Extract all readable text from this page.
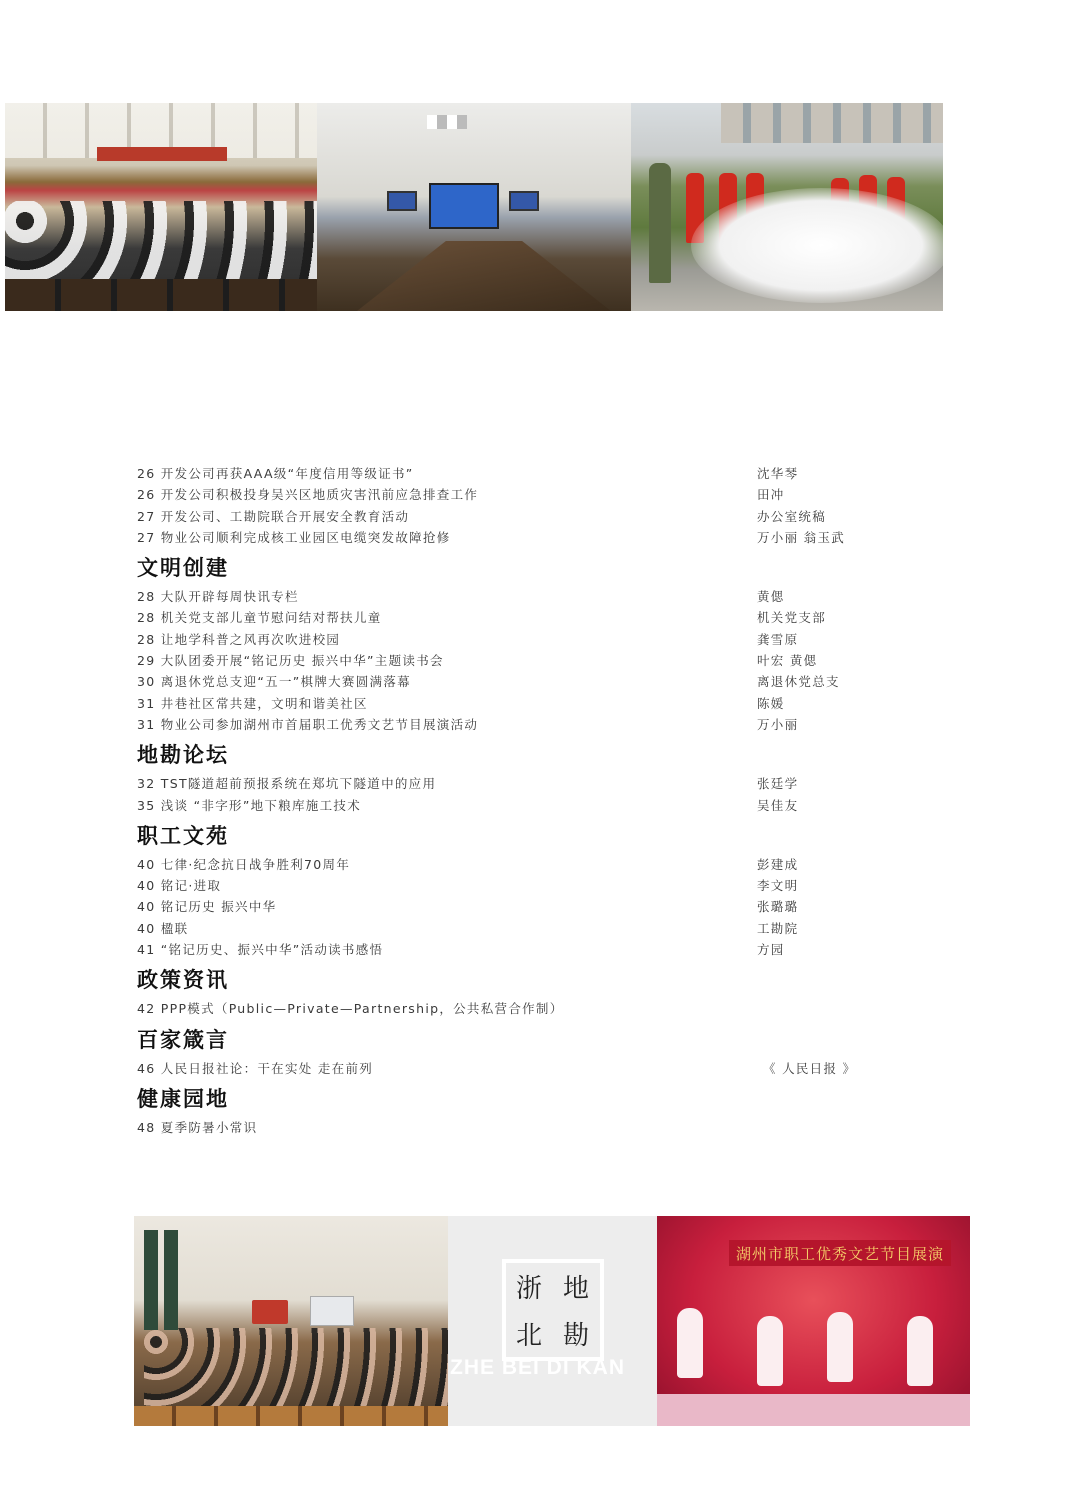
26 开发公司再获AAA级“年度信用等级证书”	沈华琴
26 开发公司积极投身吴兴区地质灾害汛前应急排查工作	田冲
27 开发公司、工勘院联合开展安全教育活动	办公室统稿
27 物业公司顺利完成核工业园区电缆突发故障抢修	万小丽 翁玉武
文明创建
28 大队开辟每周快讯专栏	黄偲
28 机关党支部儿童节慰问结对帮扶儿童	机关党支部
28 让地学科普之风再次吹进校园	龚雪原
29 大队团委开展“铭记历史 振兴中华”主题读书会	叶宏 黄偲
30 离退休党总支迎“五一”棋牌大赛圆满落幕	离退休党总支
31 井巷社区常共建，文明和谐美社区	陈媛
31 物业公司参加湖州市首届职工优秀文艺节目展演活动	万小丽
地勘论坛
32 TST隧道超前预报系统在郑坑下隧道中的应用	张廷学
35 浅谈 “非字形”地下粮库施工技术	吴佳友
职工文苑
40 七律·纪念抗日战争胜利70周年	彭建成
40 铭记·进取	李文明
40 铭记历史 振兴中华	张璐璐
40 楹联	工勘院
41 “铭记历史、振兴中华”活动读书感悟	方园
政策资讯
42 PPP模式（Public—Private—Partnership，公共私营合作制）
百家箴言
46 人民日报社论：干在实处 走在前列	《 人民日报 》
健康园地
48 夏季防暑小常识
浙 地
北 勘
湖州市职工优秀文艺节目展演
ZHE BEI DI KAN
